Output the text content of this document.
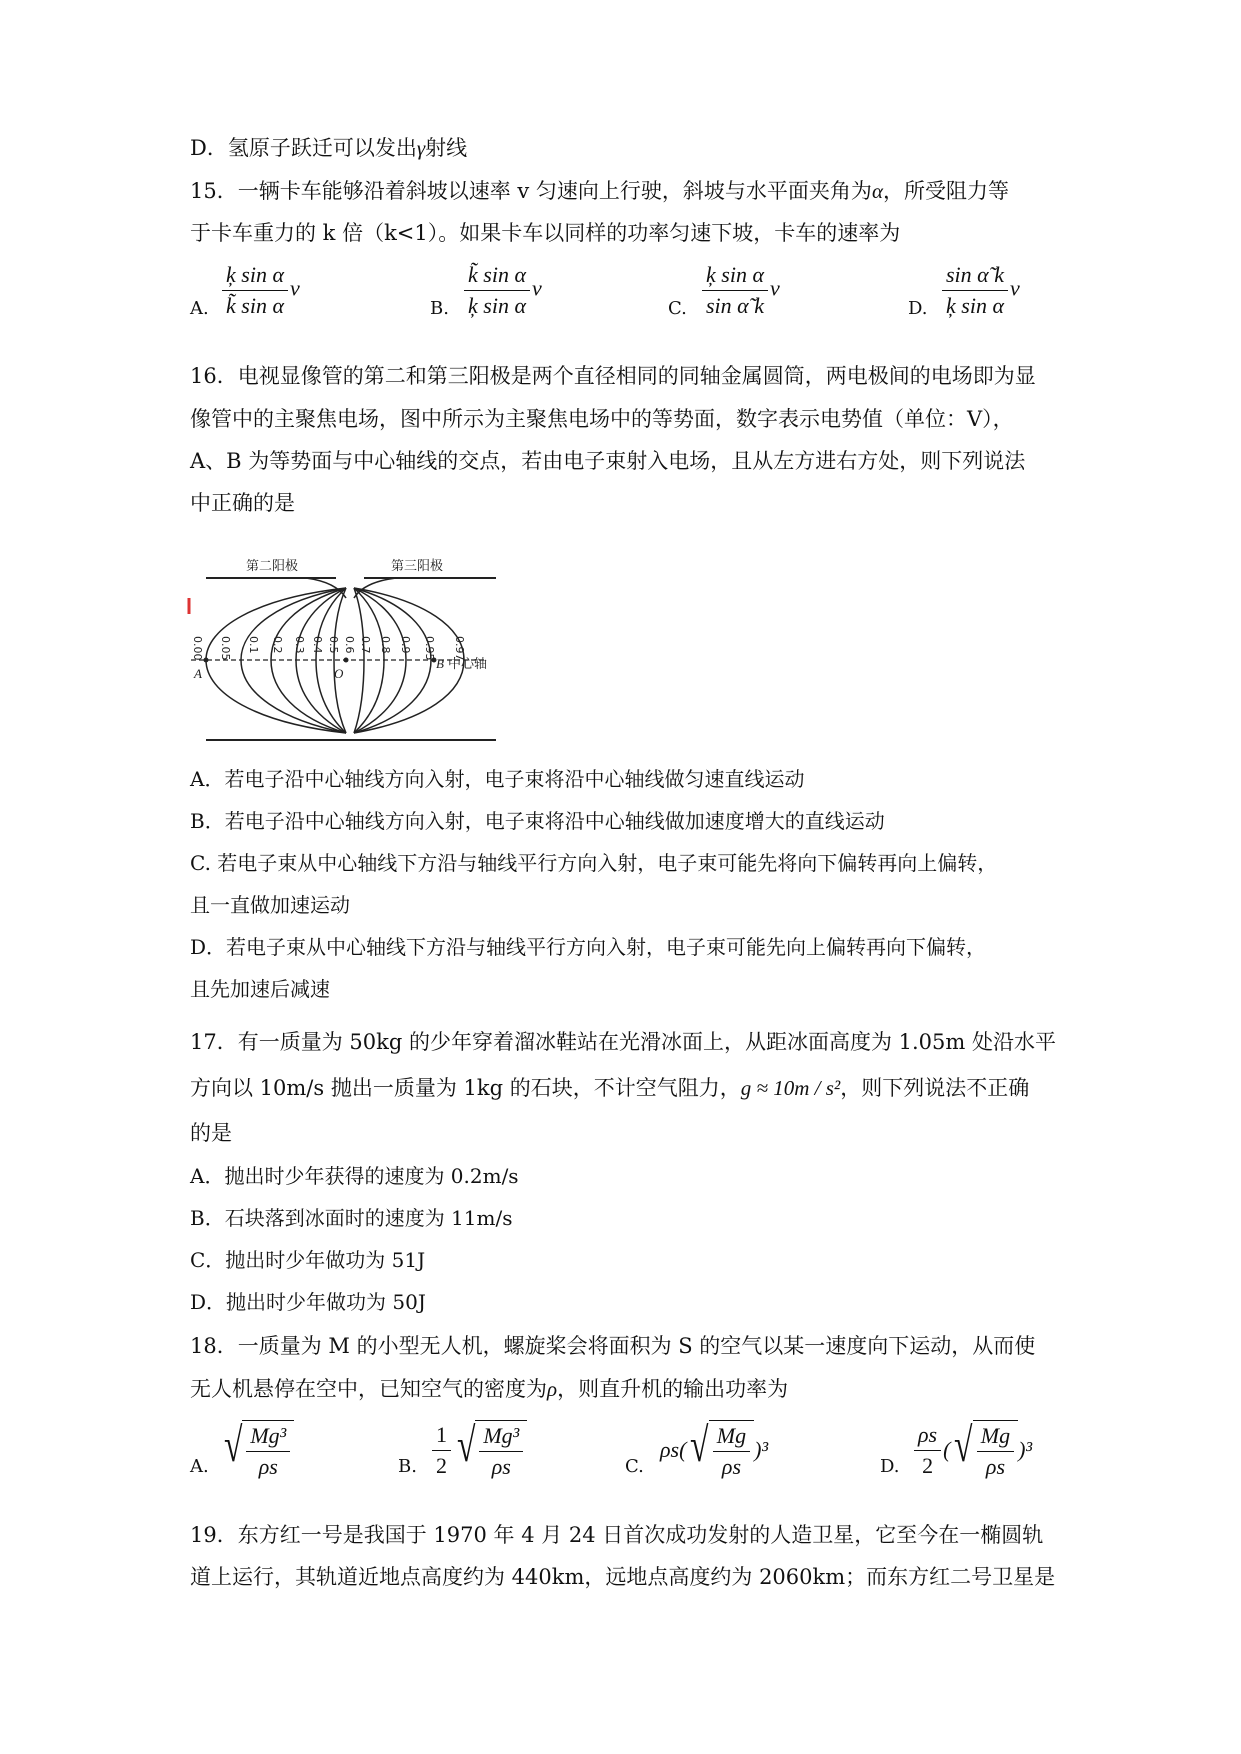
D．氢原子跃迁可以发出γ射线
15．一辆卡车能够沿着斜坡以速率 v 匀速向上行驶，斜坡与水平面夹角为α，所受阻力等
于卡车重力的 k 倍（k<1）。如果卡车以同样的功率匀速下坡，卡车的速率为
A. $\frac{\text{ķ sin α}}{\text{k̃ sin α}}$ v
B. $\frac{\text{k̃ sin α}}{\text{ķ sin α}}$ v
C. $\frac{\text{ķ sin α}}{\text{sin α̃ k}}$ v
D. $\frac{\text{sin α̃ k}}{\text{ķ sin α}}$ v
16．电视显像管的第二和第三阳极是两个直径相同的同轴金属圆筒，两电极间的电场即为显
像管中的主聚焦电场，图中所示为主聚焦电场中的等势面，数字表示电势值（单位：V），
A、B 为等势面与中心轴线的交点，若由电子束射入电场，且从左方进右方处，则下列说法
中正确的是
第二阳极	第三阳极
A	O
B 中心轴
0.00 0.05 0.1 0.2 0.3 0.4 0.5 0.6 0.7 0.8 0.9 0.95 0.97
A．若电子沿中心轴线方向入射，电子束将沿中心轴线做匀速直线运动
B．若电子沿中心轴线方向入射，电子束将沿中心轴线做加速度增大的直线运动
C. 若电子束从中心轴线下方沿与轴线平行方向入射，电子束可能先将向下偏转再向上偏转，
且一直做加速运动
D．若电子束从中心轴线下方沿与轴线平行方向入射，电子束可能先向上偏转再向下偏转，
且先加速后减速
17．有一质量为 50kg 的少年穿着溜冰鞋站在光滑冰面上，从距冰面高度为 1.05m 处沿水平
方向以 10m/s 抛出一质量为 1kg 的石块，不计空气阻力，g ≈ 10m / s²，则下列说法不正确
的是
A．抛出时少年获得的速度为 0.2m/s
B．石块落到冰面时的速度为 11m/s
C．抛出时少年做功为 51J
D．抛出时少年做功为 50J
18．一质量为 M 的小型无人机，螺旋桨会将面积为 S 的空气以某一速度向下运动，从而使
无人机悬停在空中，已知空气的密度为ρ，则直升机的输出功率为
A. √ $\frac{\text{Mg³}}{\rho s}$	B. $\frac{1}{2}$ √ $\frac{\text{Mg³}}{\rho s}$	C.
ρs( √ $\frac{Mg}{\rho s} )^3$
D. $\frac{\rho s}{2}$ ( √ $\frac{Mg}{\rho s} )^3$
19．东方红一号是我国于 1970 年 4 月 24 日首次成功发射的人造卫星，它至今在一椭圆轨
道上运行，其轨道近地点高度约为 440km，远地点高度约为 2060km；而东方红二号卫星是
